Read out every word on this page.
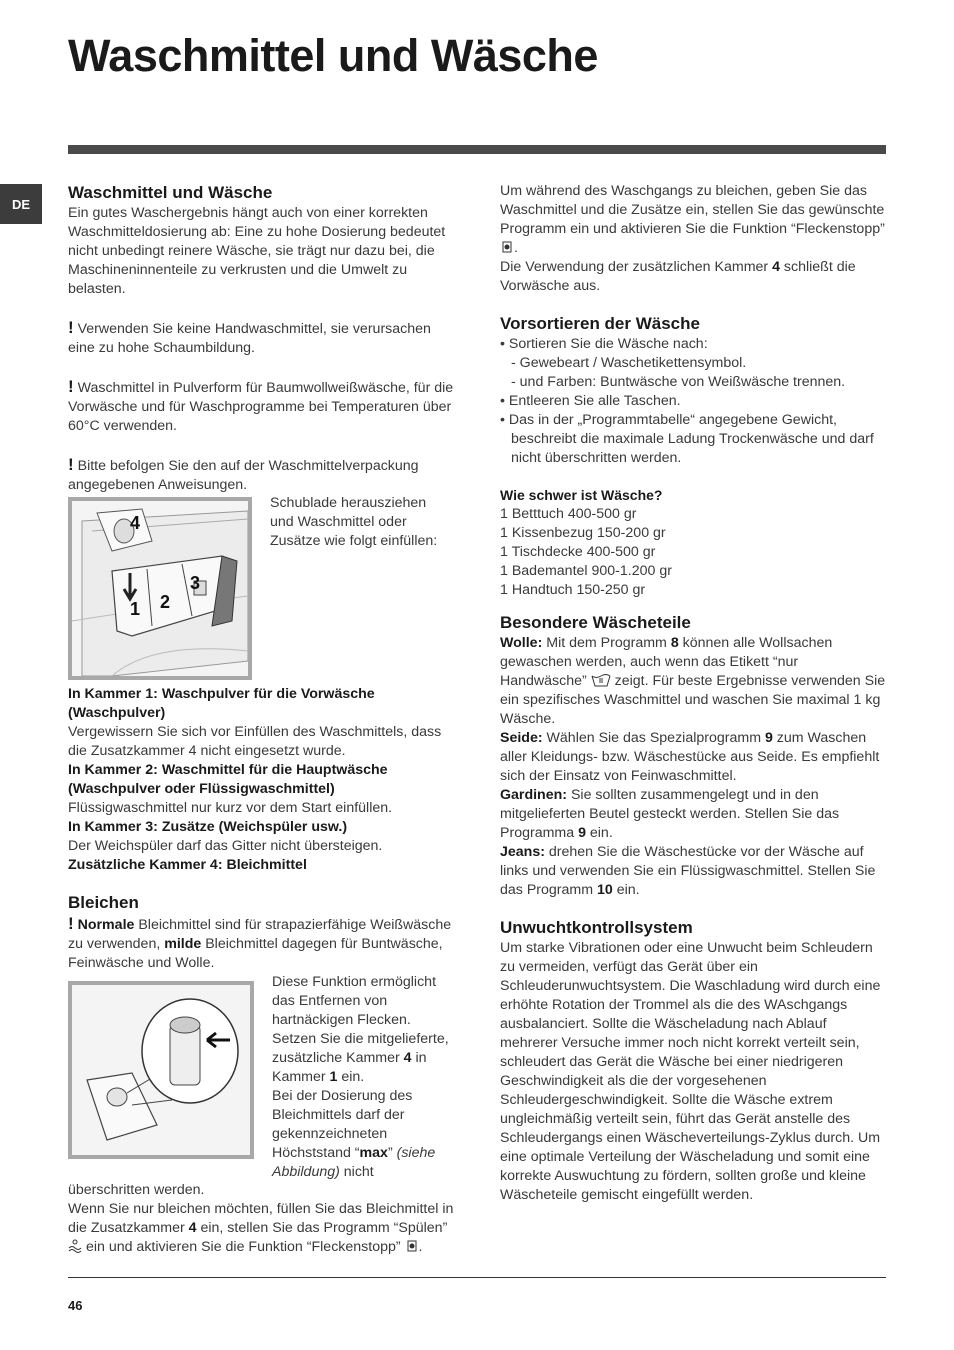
Waschmittel und Wäsche
DE
Waschmittel und Wäsche

Ein gutes Waschergebnis hängt auch von einer korrekten Waschmitteldosierung ab: Eine zu hohe Dosierung bedeutet nicht unbedingt reinere Wäsche, sie trägt nur dazu bei, die Maschineninnenteile zu verkrusten und die Umwelt zu belasten.

! Verwenden Sie keine Handwaschmittel, sie verursachen eine zu hohe Schaumbildung.

! Waschmittel in Pulverform für Baumwollweißwäsche, für die Vorwäsche und für Waschprogramme bei Temperaturen über 60°C verwenden.

! Bitte befolgen Sie den auf der Waschmittelverpackung angegebenen Anweisungen.

4
3
2
1

Schublade herausziehen und Waschmittel oder Zusätze wie folgt einfüllen:

In Kammer 1: Waschpulver für die Vorwäsche (Waschpulver)

Vergewissern Sie sich vor Einfüllen des Waschmittels, dass die Zusatzkammer 4 nicht eingesetzt wurde.

In Kammer 2: Waschmittel für die Hauptwäsche (Waschpulver oder Flüssigwaschmittel)

Flüssigwaschmittel nur kurz vor dem Start einfüllen.

In Kammer 3: Zusätze (Weichspüler usw.)

Der Weichspüler darf das Gitter nicht übersteigen.

Zusätzliche Kammer 4: Bleichmittel

Bleichen

! Normale Bleichmittel sind für strapazierfähige Weißwäsche zu verwenden, milde Bleichmittel dagegen für Buntwäsche, Feinwäsche und Wolle.

Diese Funktion ermöglicht das Entfernen von hartnäckigen Flecken. Setzen Sie die mitgelieferte, zusätzliche Kammer 4 in Kammer 1 ein.
Bei der Dosierung des Bleichmittels darf der gekennzeichneten Höchststand “max” (siehe Abbildung) nicht

überschritten werden.
Wenn Sie nur bleichen möchten, füllen Sie das Bleichmittel in die Zusatzkammer 4 ein, stellen Sie das Programm “Spülen”  ein und aktivieren Sie die Funktion “Fleckenstopp” .

Um während des Waschgangs zu bleichen, geben Sie das Waschmittel und die Zusätze ein, stellen Sie das gewünschte Programm ein und aktivieren Sie die Funktion “Fleckenstopp” .

Die Verwendung der zusätzlichen Kammer 4 schließt die Vorwäsche aus.

Vorsortieren der Wäsche
• Sortieren Sie die Wäsche nach:
- Gewebeart / Waschetikettensymbol.
- und Farben: Buntwäsche von Weißwäsche trennen.
• Entleeren Sie alle Taschen.
• Das in der „Programmtabelle“ angegebene Gewicht, beschreibt die maximale Ladung Trockenwäsche und darf nicht überschritten werden.
Wie schwer ist Wäsche?

1 Betttuch 400-500 gr

1 Kissenbezug 150-200 gr

1 Tischdecke 400-500 gr

1 Bademantel 900-1.200 gr

1 Handtuch 150-250 gr

Besondere Wäscheteile

Wolle: Mit dem Programm 8 können alle Wollsachen gewaschen werden, auch wenn das Etikett “nur Handwäsche”  zeigt. Für beste Ergebnisse verwenden Sie ein spezifisches Waschmittel und waschen Sie maximal 1 kg Wäsche.

Seide: Wählen Sie das Spezialprogramm 9 zum Waschen aller Kleidungs- bzw. Wäschestücke aus Seide. Es empfiehlt sich der Einsatz von Feinwaschmittel.

Gardinen: Sie sollten zusammengelegt und in den mitgelieferten Beutel gesteckt werden. Stellen Sie das Programma 9 ein.

Jeans: drehen Sie die Wäschestücke vor der Wäsche auf links und verwenden Sie ein Flüssigwaschmittel. Stellen Sie das Programm 10 ein.

Unwuchtkontrollsystem

Um starke Vibrationen oder eine Unwucht beim Schleudern zu vermeiden, verfügt das Gerät über ein Schleuderunwuchtsystem. Die Waschladung wird durch eine erhöhte Rotation der Trommel als die des WAschgangs ausbalanciert. Sollte die Wäscheladung nach Ablauf mehrerer Versuche immer noch nicht korrekt verteilt sein, schleudert das Gerät die Wäsche bei einer niedrigeren Geschwindigkeit als die der vorgesehenen Schleudergeschwindigkeit. Sollte die Wäsche extrem ungleichmäßig verteilt sein, führt das Gerät anstelle des Schleudergangs einen Wäscheverteilungs-Zyklus durch. Um eine optimale Verteilung der Wäscheladung und somit eine korrekte Auswuchtung zu fördern, sollten große und kleine Wäscheteile gemischt eingefüllt werden.

46
